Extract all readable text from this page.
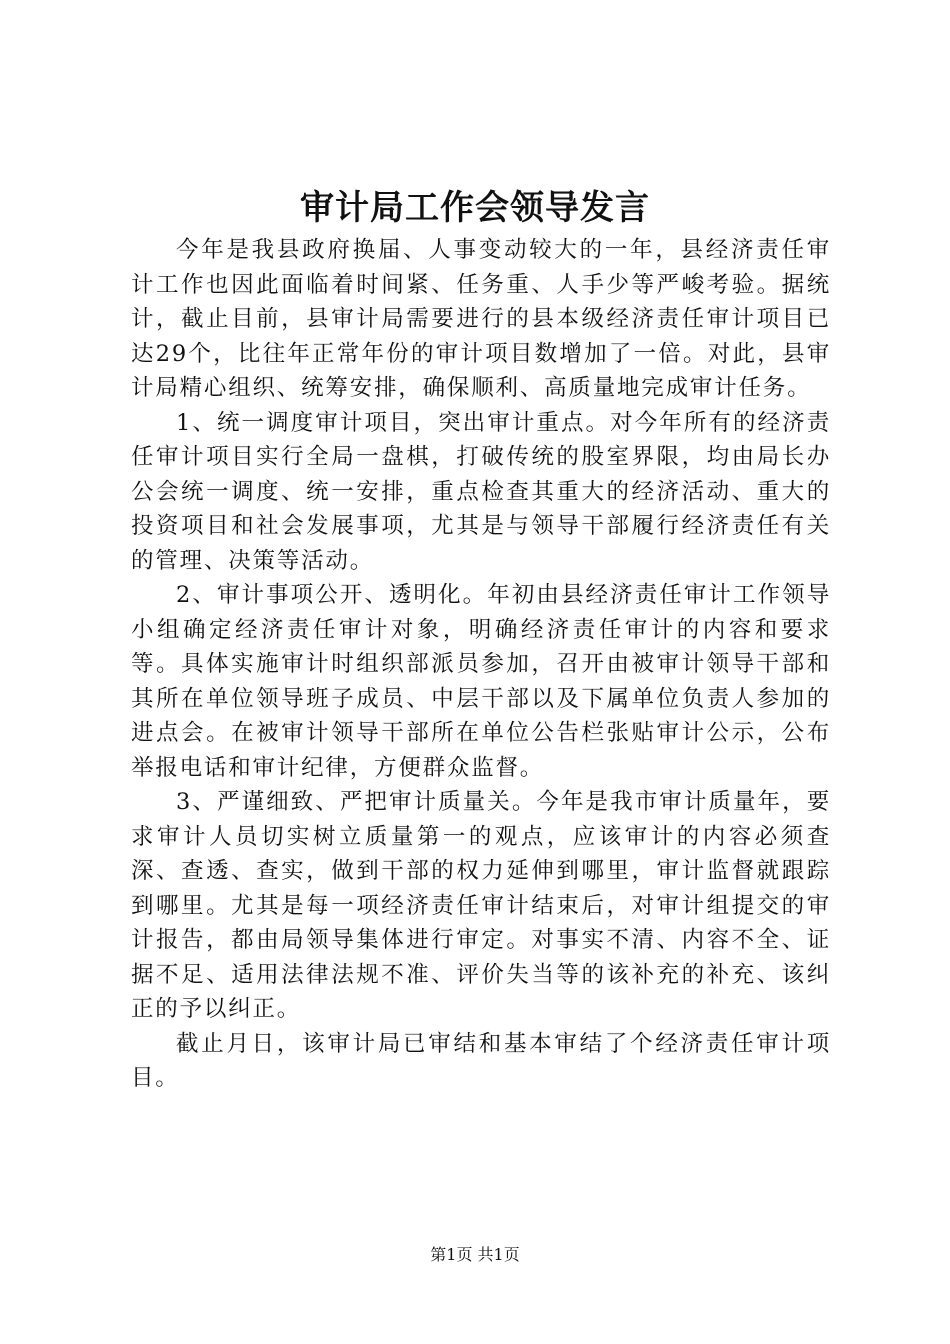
审计局工作会领导发言

今年是我县政府换届、人事变动较大的一年，县经济责任审计工作也因此面临着时间紧、任务重、人手少等严峻考验。据统计，截止目前，县审计局需要进行的县本级经济责任审计项目已达29个，比往年正常年份的审计项目数增加了一倍。对此，县审计局精心组织、统筹安排，确保顺利、高质量地完成审计任务。

1、统一调度审计项目，突出审计重点。对今年所有的经济责任审计项目实行全局一盘棋，打破传统的股室界限，均由局长办公会统一调度、统一安排，重点检查其重大的经济活动、重大的投资项目和社会发展事项，尤其是与领导干部履行经济责任有关的管理、决策等活动。

2、审计事项公开、透明化。年初由县经济责任审计工作领导小组确定经济责任审计对象，明确经济责任审计的内容和要求等。具体实施审计时组织部派员参加，召开由被审计领导干部和其所在单位领导班子成员、中层干部以及下属单位负责人参加的进点会。在被审计领导干部所在单位公告栏张贴审计公示，公布举报电话和审计纪律，方便群众监督。

3、严谨细致、严把审计质量关。今年是我市审计质量年，要求审计人员切实树立质量第一的观点，应该审计的内容必须查深、查透、查实，做到干部的权力延伸到哪里，审计监督就跟踪到哪里。尤其是每一项经济责任审计结束后，对审计组提交的审计报告，都由局领导集体进行审定。对事实不清、内容不全、证据不足、适用法律法规不准、评价失当等的该补充的补充、该纠正的予以纠正。

截止月日，该审计局已审结和基本审结了个经济责任审计项目。

第1页 共1页
